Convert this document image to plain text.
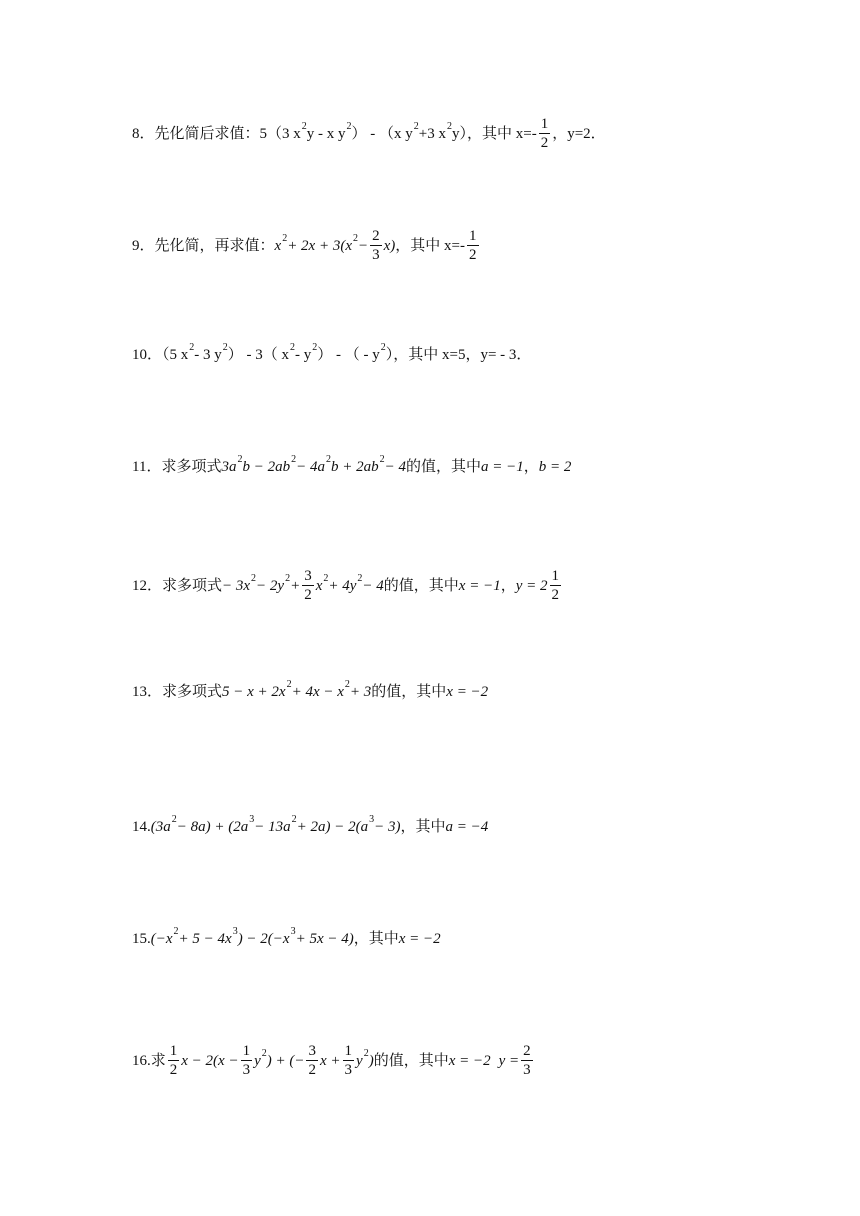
8．先化简后求值：5（3 x 2 y - x y 2 ） - （x y 2 +3 x 2 y），其中 $x=- \frac{1}{2}$ ，y=2．
9．先化简，再求值： x 2 + 2x + 3(x $2 - \frac{2}{3} x$) ，其中 $x=- \frac{1}{2}$
10．（5 x 2 - 3 y 2 ） - 3（ x 2 - y 2 ） - （ - y 2 ），其中 x=5，y= - 3．
11．求多项式 3a 2 b − 2ab 2 − 4a 2 b + 2ab 2 − 4 的值，其中 a = −1 ， b = 2
12．求多项式 − 3x 2 − 2y $2 + \frac{3}{2}$ x 2 + 4y 2 − 4 的值，其中 x = −1 ， $y = 2 \frac{1}{2}$
13．求多项式 5 − x + 2x 2 + 4x − x 2 + 3 的值，其中 x = −2
14. (3a 2 − 8a) + (2a 3 − 13a 2 + 2a) − 2(a 3 − 3) ，其中 a = −4
15. (−x 2 + 5 − 4x 3 ) − 2(−x 3 + 5x − 4) ，其中 x = −2
16.求 $\frac{1}{2}$ $x - 2(x - \frac{1}{3}$ y 2 ) + (− $\frac{3}{2}$ $x + \frac{1}{3}$ y 2 ) 的值，其中 x = −2 $y = \frac{2}{3}$
